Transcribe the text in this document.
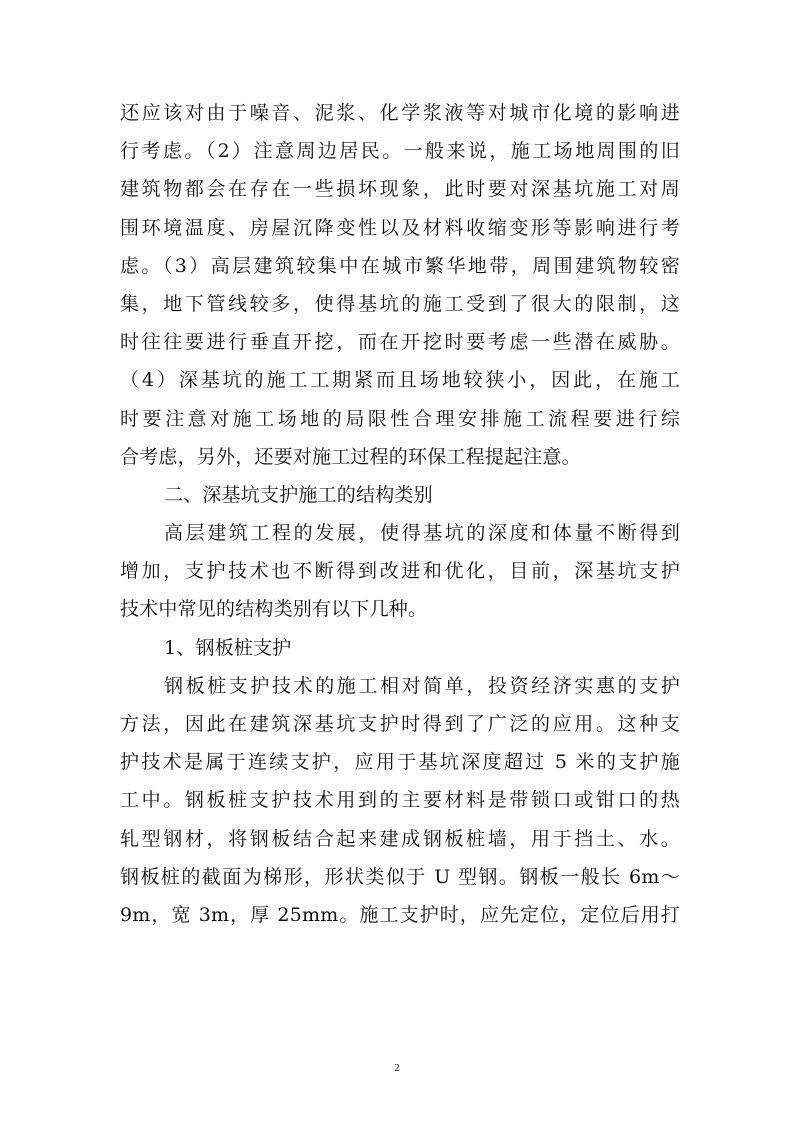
还应该对由于噪音、泥浆、化学浆液等对城市化境的影响进
行考虑。（2）注意周边居民。一般来说，施工场地周围的旧
建筑物都会在存在一些损坏现象，此时要对深基坑施工对周
围环境温度、房屋沉降变性以及材料收缩变形等影响进行考
虑。（3）高层建筑较集中在城市繁华地带，周围建筑物较密
集，地下管线较多，使得基坑的施工受到了很大的限制，这
时往往要进行垂直开挖，而在开挖时要考虑一些潜在威胁。
（4）深基坑的施工工期紧而且场地较狭小，因此，在施工
时要注意对施工场地的局限性合理安排施工流程要进行综
合考虑，另外，还要对施工过程的环保工程提起注意。
二、深基坑支护施工的结构类别
高层建筑工程的发展，使得基坑的深度和体量不断得到
增加，支护技术也不断得到改进和优化，目前，深基坑支护
技术中常见的结构类别有以下几种。
1、钢板桩支护
钢板桩支护技术的施工相对简单，投资经济实惠的支护
方法，因此在建筑深基坑支护时得到了广泛的应用。这种支
护技术是属于连续支护，应用于基坑深度超过 5 米的支护施
工中。钢板桩支护技术用到的主要材料是带锁口或钳口的热
轧型钢材，将钢板结合起来建成钢板桩墙，用于挡土、水。
钢板桩的截面为梯形，形状类似于 U 型钢。钢板一般长 6m～
9m，宽 3m，厚 25mm。施工支护时，应先定位，定位后用打
2
